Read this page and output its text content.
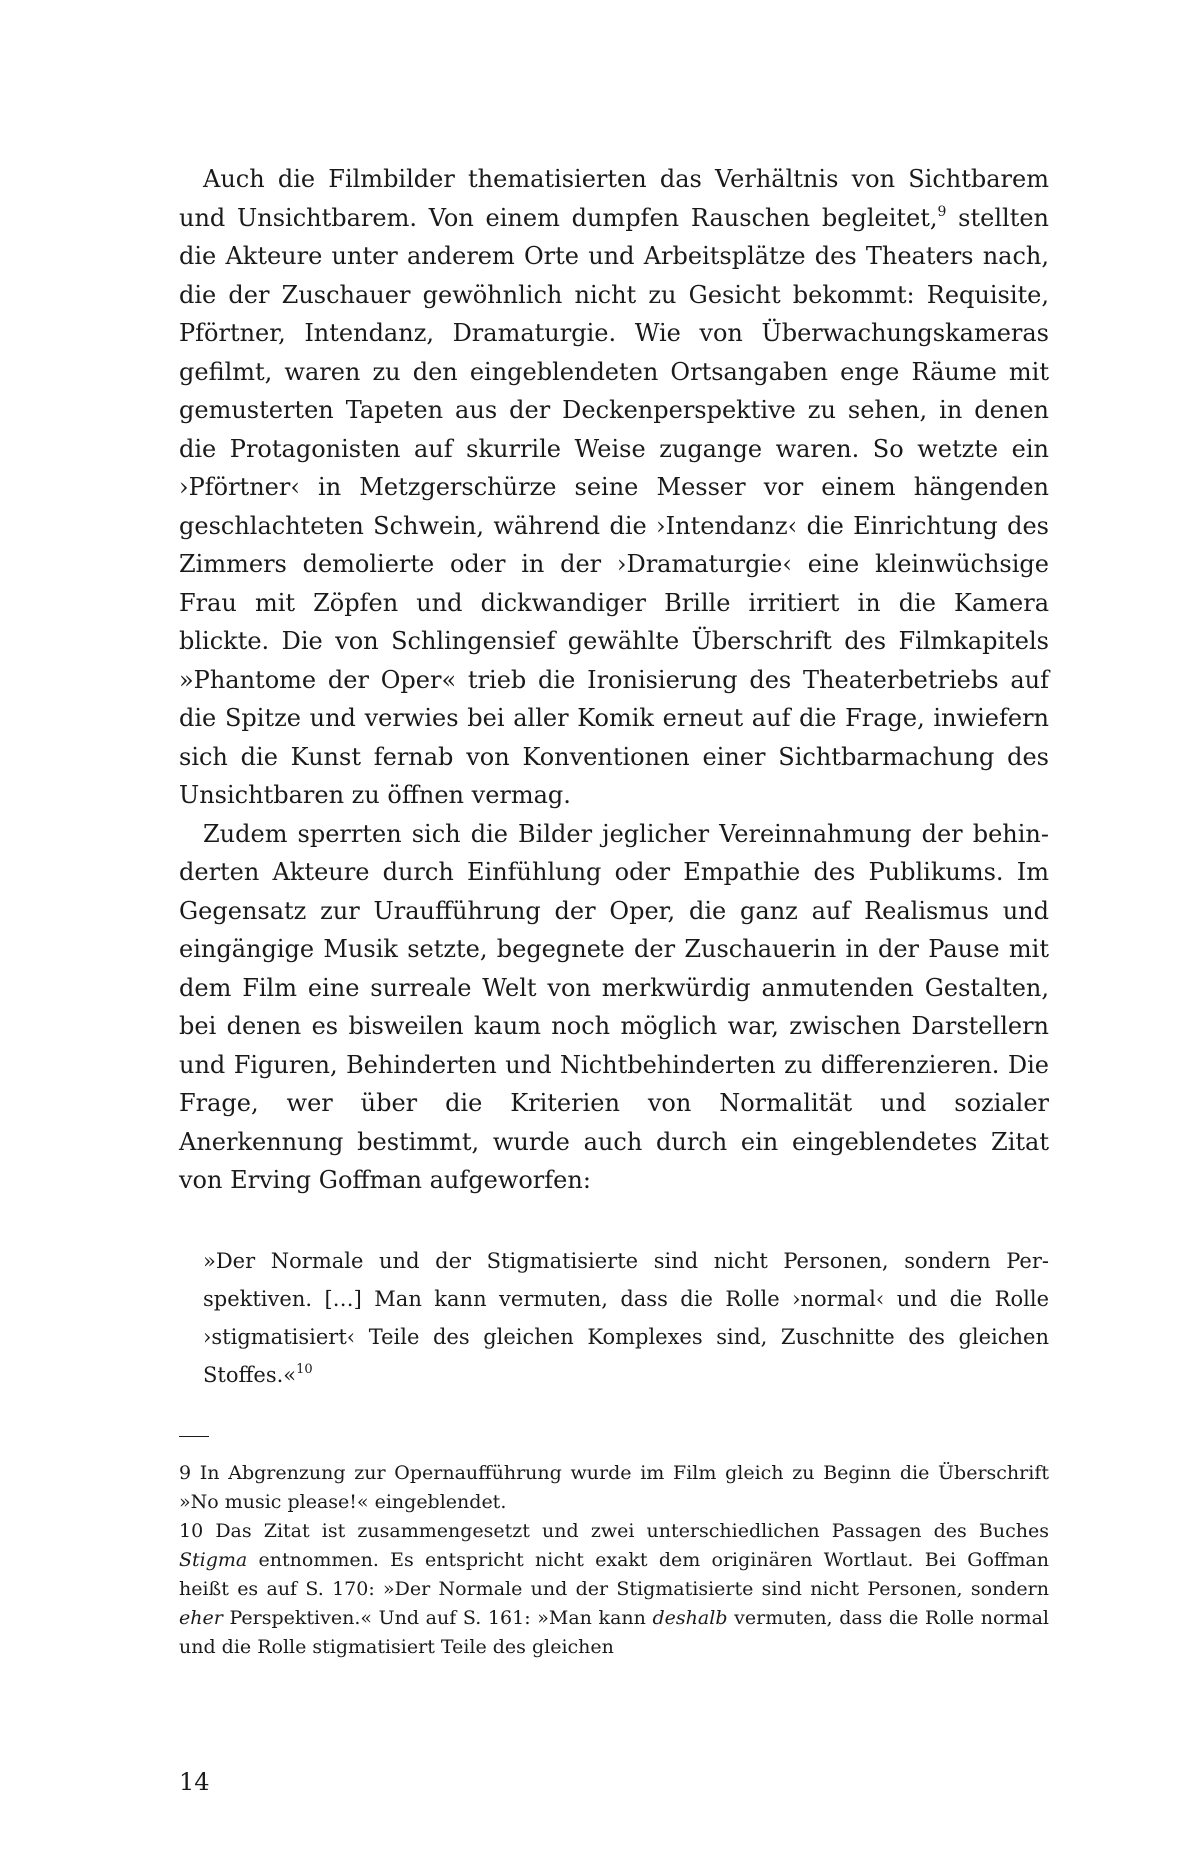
Auch die Filmbilder thematisierten das Verhältnis von Sichtbarem und Unsichtbarem. Von einem dumpfen Rauschen begleitet,$^9$ stellten die Akteure unter anderem Orte und Arbeitsplätze des Theaters nach, die der Zuschauer gewöhnlich nicht zu Gesicht bekommt: Requisite, Pförtner, Intendanz, Dramaturgie. Wie von Überwachungskameras gefilmt, waren zu den eingeblendeten Ortsangaben enge Räume mit gemusterten Tapeten aus der Deckenperspektive zu sehen, in denen die Protagonisten auf skurrile Weise zugange waren. So wetzte ein ›Pförtner‹ in Metzgerschürze seine Messer vor einem hängenden geschlachteten Schwein, während die ›Intendanz‹ die Einrichtung des Zimmers demolierte oder in der ›Dramaturgie‹ eine kleinwüchsige Frau mit Zöpfen und dickwandiger Brille irritiert in die Kamera blickte. Die von Schlingensief gewählte Überschrift des Filmkapitels »Phantome der Oper« trieb die Ironisierung des Theaterbetriebs auf die Spitze und verwies bei aller Komik erneut auf die Frage, inwiefern sich die Kunst fernab von Konventionen einer Sichtbarmachung des Unsichtbaren zu öffnen vermag.

Zudem sperrten sich die Bilder jeglicher Vereinnahmung der behinderten Akteure durch Einfühlung oder Empathie des Publikums. Im Gegensatz zur Uraufführung der Oper, die ganz auf Realismus und eingängige Musik setzte, begegnete der Zuschauerin in der Pause mit dem Film eine surreale Welt von merkwürdig anmutenden Gestalten, bei denen es bisweilen kaum noch möglich war, zwischen Darstellern und Figuren, Behinderten und Nichtbehinderten zu differenzieren. Die Frage, wer über die Kriterien von Normalität und sozialer Anerkennung bestimmt, wurde auch durch ein eingeblendetes Zitat von Erving Goffman aufgeworfen:

»Der Normale und der Stigmatisierte sind nicht Personen, sondern Perspektiven. […] Man kann vermuten, dass die Rolle ›normal‹ und die Rolle ›stigmatisiert‹ Teile des gleichen Komplexes sind, Zuschnitte des gleichen Stoffes.«$^{10}$

9 In Abgrenzung zur Opernaufführung wurde im Film gleich zu Beginn die Überschrift »No music please!« eingeblendet.

10 Das Zitat ist zusammengesetzt und zwei unterschiedlichen Passagen des Buches Stigma entnommen. Es entspricht nicht exakt dem originären Wortlaut. Bei Goffman heißt es auf S. 170: »Der Normale und der Stigmatisierte sind nicht Personen, sondern eher Perspektiven.« Und auf S. 161: »Man kann deshalb vermuten, dass die Rolle normal und die Rolle stigmatisiert Teile des gleichen

14
